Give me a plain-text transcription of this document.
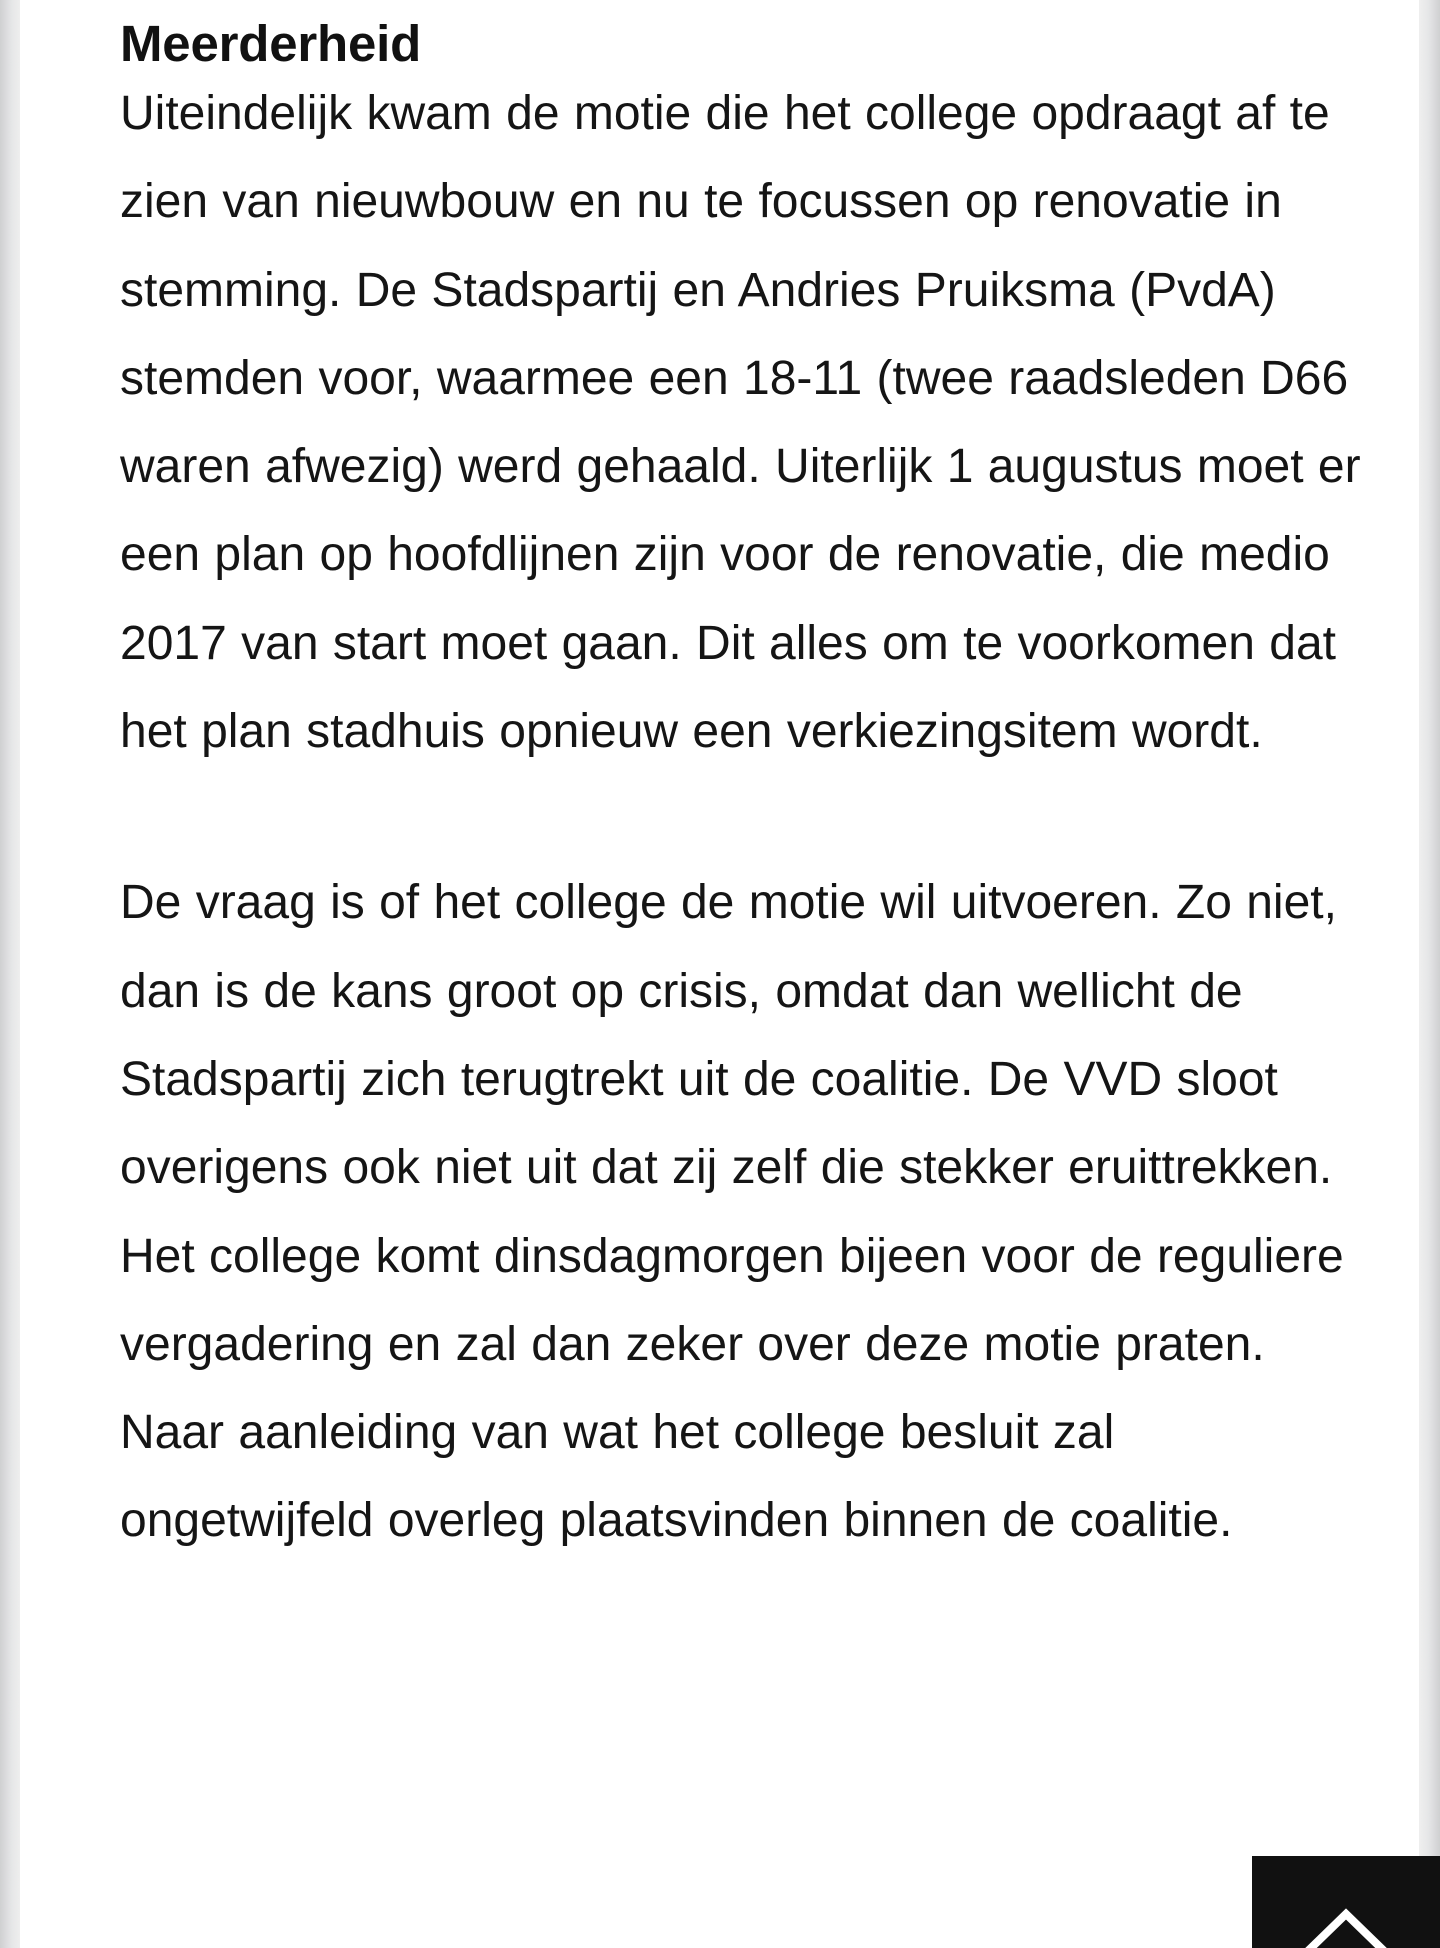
Meerderheid

Uiteindelijk kwam de motie die het college opdraagt af te zien van nieuwbouw en nu te focussen op renovatie in stemming. De Stadspartij en Andries Pruiksma (PvdA) stemden voor, waarmee een 18-11 (twee raadsleden D66 waren afwezig) werd gehaald. Uiterlijk 1 augustus moet er een plan op hoofdlijnen zijn voor de renovatie, die medio 2017 van start moet gaan. Dit alles om te voorkomen dat het plan stadhuis opnieuw een verkiezingsitem wordt.

De vraag is of het college de motie wil uitvoeren. Zo niet, dan is de kans groot op crisis, omdat dan wellicht de Stadspartij zich terugtrekt uit de coalitie. De VVD sloot overigens ook niet uit dat zij zelf die stekker eruittrekken. Het college komt dinsdagmorgen bijeen voor de reguliere vergadering en zal dan zeker over deze motie praten. Naar aanleiding van wat het college besluit zal ongetwijfeld overleg plaatsvinden binnen de coalitie.
